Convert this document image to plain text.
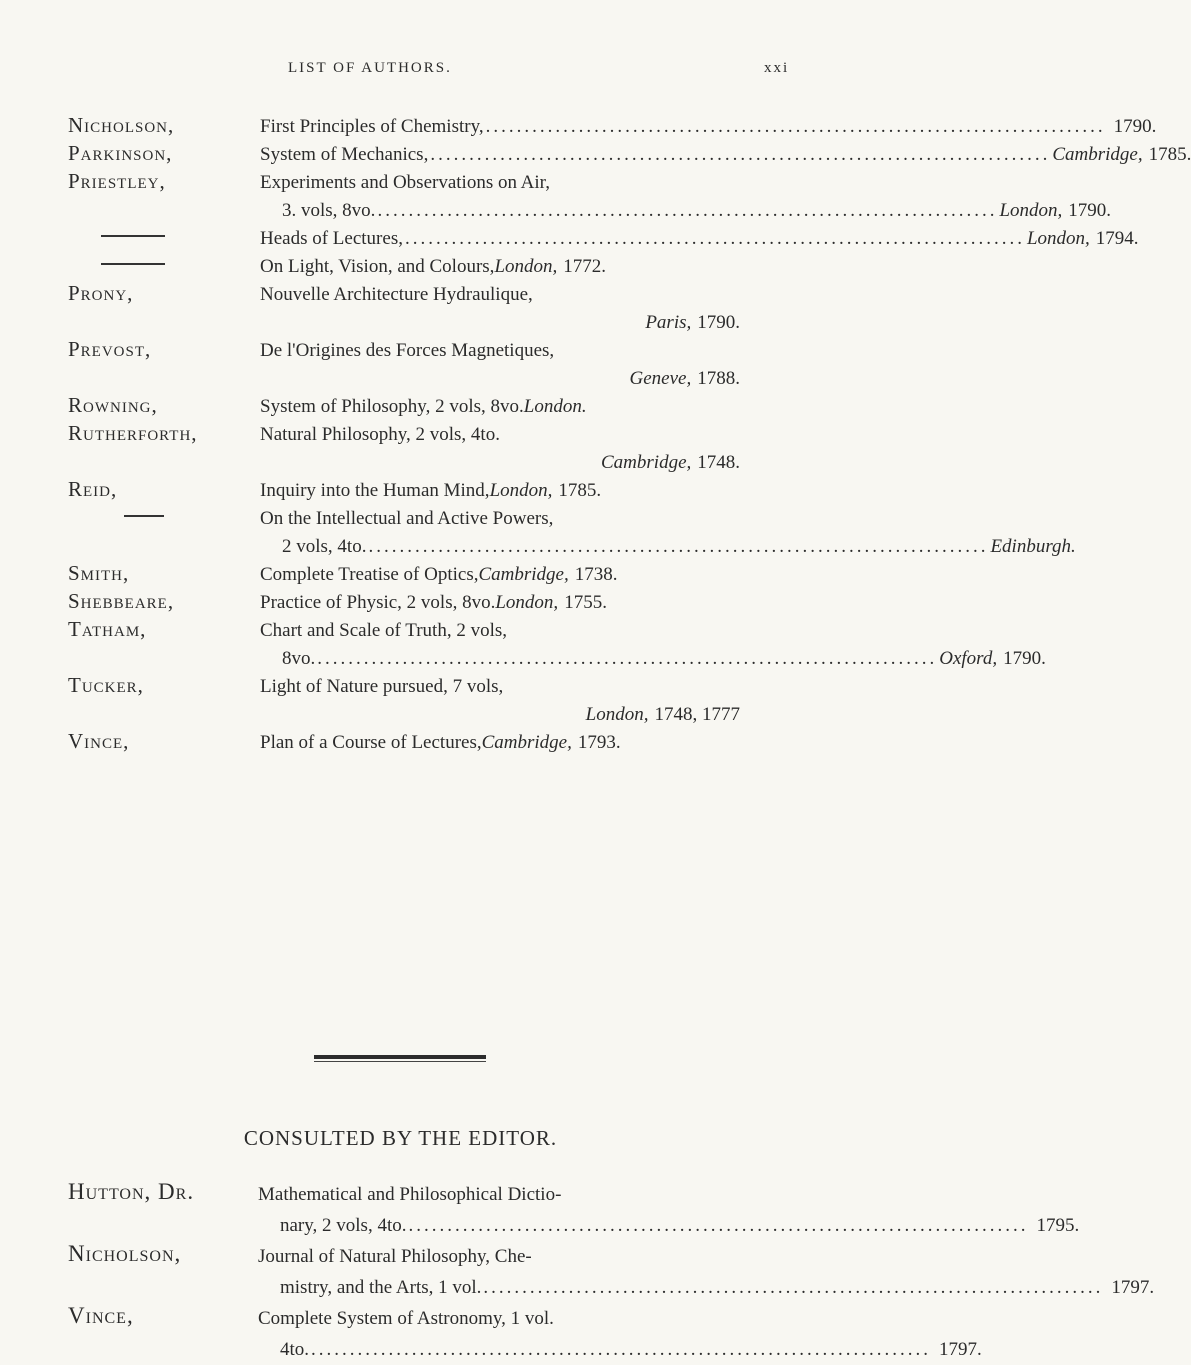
LIST OF AUTHORS.	xxi
Nicholson,	First Principles of Chemistry, ................................................................................ 1790.
Parkinson,	System of Mechanics, ................................................................................ Cambridge, 1785.
Priestley,	Experiments and Observations on Air,
3. vols, 8vo. ................................................................................ London, 1790.
Heads of Lectures, ................................................................................ London, 1794.
On Light, Vision, and Colours, London, 1772.
Prony,	Nouvelle Architecture Hydraulique,
Paris, 1790.
Prevost,	De l'Origines des Forces Magnetiques,
Geneve, 1788.
Rowning,	System of Philosophy, 2 vols, 8vo. London.
Rutherforth,	Natural Philosophy, 2 vols, 4to.
Cambridge, 1748.
Reid,	Inquiry into the Human Mind, London, 1785.
On the Intellectual and Active Powers,
2 vols, 4to. ................................................................................ Edinburgh.
Smith,	Complete Treatise of Optics, Cambridge, 1738.
Shebbeare,	Practice of Physic, 2 vols, 8vo. London, 1755.
Tatham,	Chart and Scale of Truth, 2 vols,
8vo. ................................................................................ Oxford, 1790.
Tucker,	Light of Nature pursued, 7 vols,
London, 1748, 1777
Vince,	Plan of a Course of Lectures, Cambridge, 1793.
CONSULTED BY THE EDITOR.
Hutton, Dr.	Mathematical and Philosophical Dictio-
nary, 2 vols, 4to. ................................................................................ 1795.
Nicholson,	Journal of Natural Philosophy, Che-
mistry, and the Arts, 1 vol. ................................................................................ 1797.
Vince,	Complete System of Astronomy, 1 vol.
4to. ................................................................................ 1797.
